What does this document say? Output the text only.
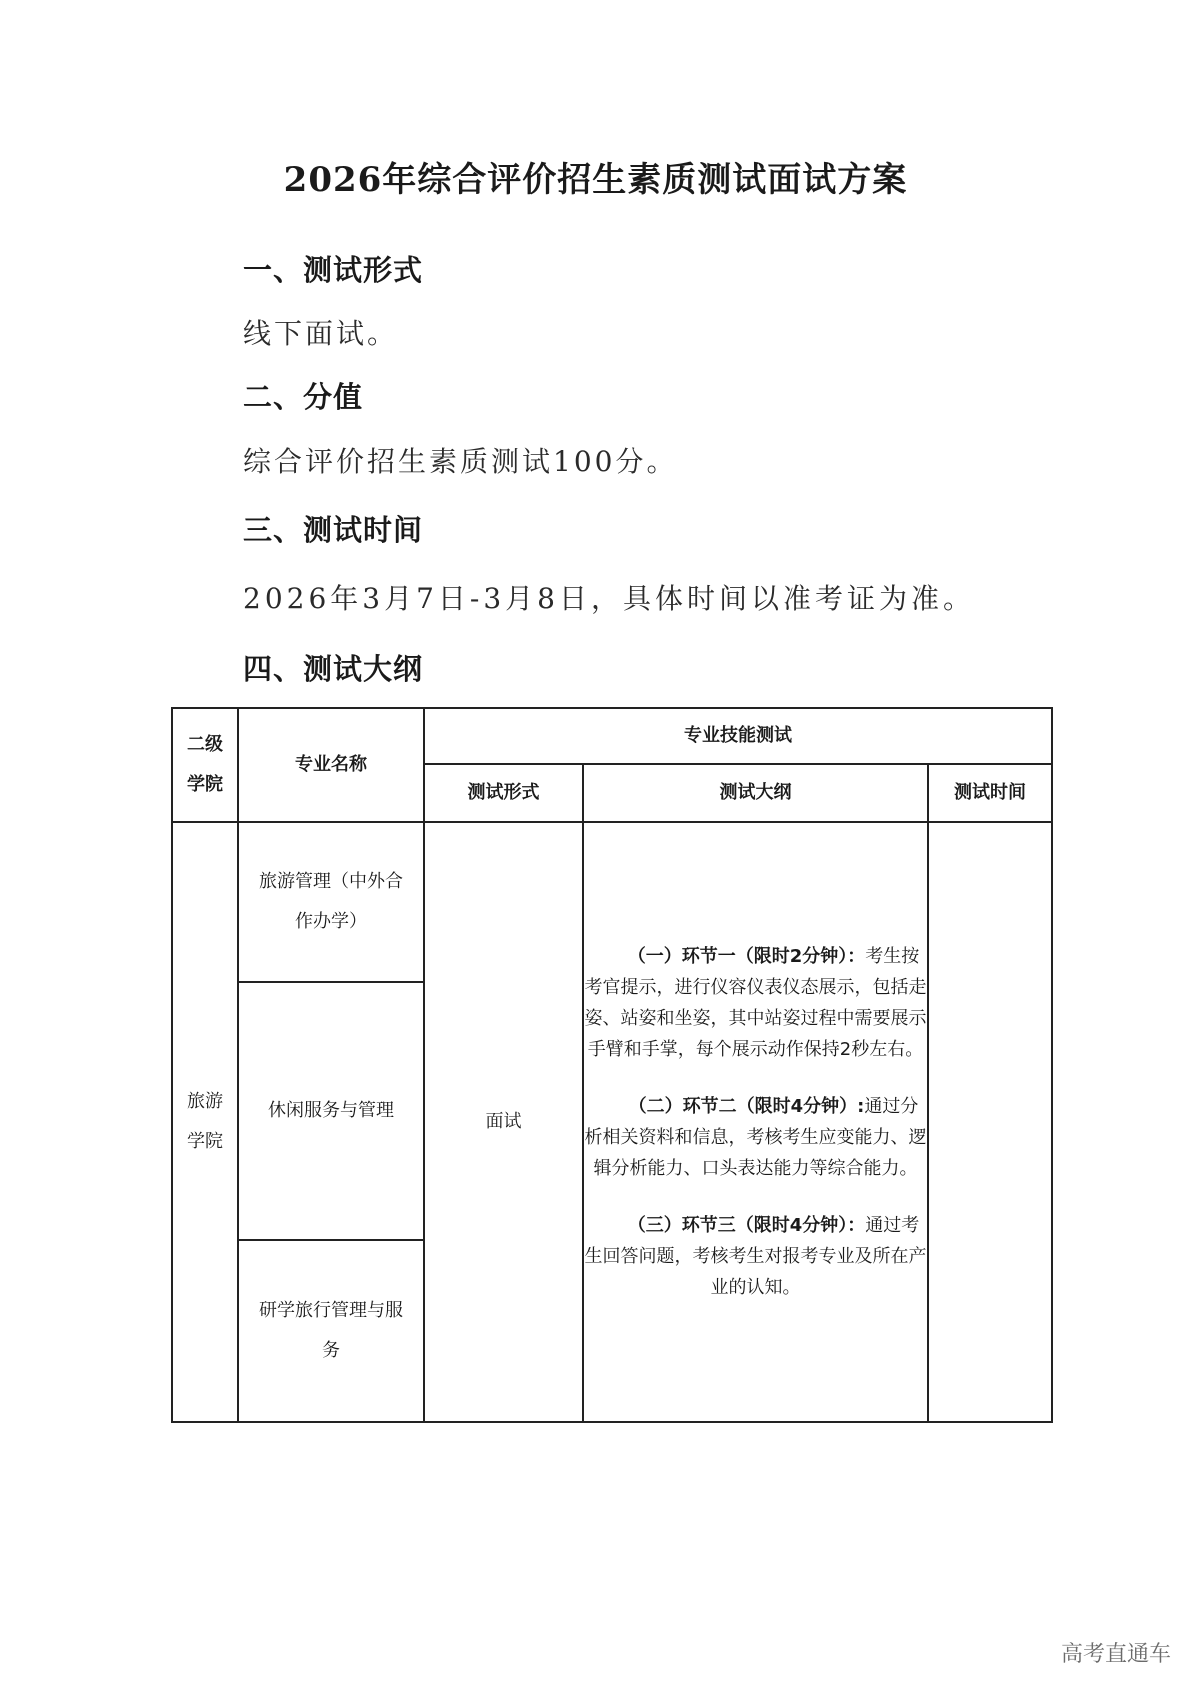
2026年综合评价招生素质测试面试方案
一、测试形式

线下面试。

二、分值

综合评价招生素质测试100分。

三、测试时间

2026年3月7日-3月8日，具体时间以准考证为准。

四、测试大纲
二级学院	专业名称	专业技能测试		

		测试形式	测试大纲	测试时间

旅游学院	旅游管理（中外合作办学）	面试	（一）环节一（限时2分钟）：考生按考官提示，进行仪容仪表仪态展示，包括走姿、站姿和坐姿，其中站姿过程中需要展示手臂和手掌，每个展示动作保持2秒左右。

（二）环节二（限时4分钟）:通过分析相关资料和信息，考核考生应变能力、逻辑分析能力、口头表达能力等综合能力。

（三）环节三（限时4分钟）：通过考生回答问题，考核考生对报考专业及所在产业的认知。	

	休闲服务与管理			

	研学旅行管理与服务			
高考直通车
